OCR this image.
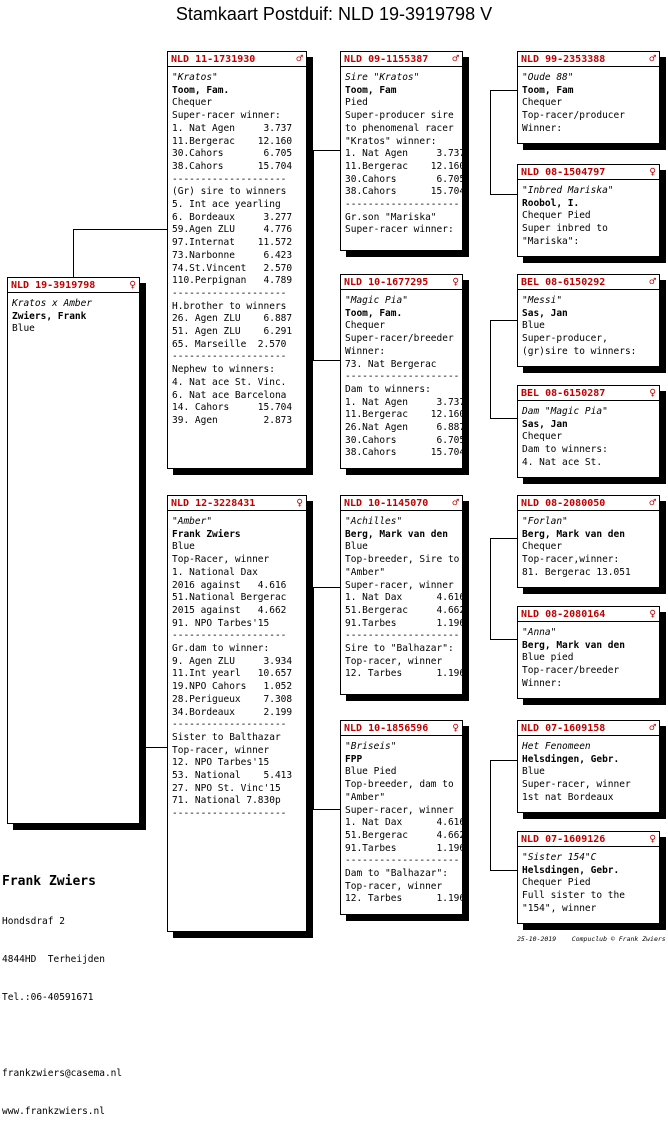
Stamkaart Postduif: NLD 19-3919798 V
NLD 19-3919798	♀
Kratos x Amber
Zwiers, Frank
Blue
NLD 11-1731930	♂
"Kratos"
Toom, Fam.
Chequer
Super-racer winner:
1. Nat Agen     3.737
11.Bergerac    12.160
30.Cahors       6.705
38.Cahors      15.704
--------------------
(Gr) sire to winners
5. Int ace yearling
6. Bordeaux     3.277
59.Agen ZLU     4.776
97.Internat    11.572
73.Narbonne     6.423
74.St.Vincent   2.570
110.Perpignan   4.789
--------------------
H.brother to winners
26. Agen ZLU    6.887
51. Agen ZLU    6.291
65. Marseille  2.570
--------------------
Nephew to winners:
4. Nat ace St. Vinc.
6. Nat ace Barcelona
14. Cahors     15.704
39. Agen        2.873
NLD 12-3228431	♀
"Amber"
Frank Zwiers
Blue
Top-Racer, winner
1. National Dax
2016 against   4.616
51.National Bergerac
2015 against   4.662
91. NPO Tarbes'15
--------------------
Gr.dam to winner:
9. Agen ZLU     3.934
11.Int yearl   10.657
19.NPO Cahors   1.052
28.Perigueux    7.308
34.Bordeaux     2.199
--------------------
Sister to Balthazar
Top-racer, winner
12. NPO Tarbes'15
53. National    5.413
27. NPO St. Vinc'15
71. National 7.830p
--------------------
NLD 09-1155387 ♂
Sire "Kratos"
Toom, Fam
Pied
Super-producer sire
to phenomenal racer
"Kratos" winner:
1. Nat Agen     3.737
11.Bergerac    12.160
30.Cahors       6.705
38.Cahors      15.704
--------------------
Gr.son "Mariska"
Super-racer winner:
NLD 10-1677295 ♀
"Magic Pia"
Toom, Fam.
Chequer
Super-racer/breeder
Winner:
73. Nat Bergerac
--------------------
Dam to winners:
1. Nat Agen     3.737
11.Bergerac    12.160
26.Nat Agen     6.887
30.Cahors       6.705
38.Cahors      15.704
NLD 10-1145070 ♂
"Achilles"
Berg, Mark van den
Blue
Top-breeder, Sire to
"Amber"
Super-racer, winner
1. Nat Dax      4.616
51.Bergerac     4.662
91.Tarbes       1.196
--------------------
Sire to "Balhazar":
Top-racer, winner
12. Tarbes      1.196
NLD 10-1856596 ♀
"Briseis"
FPP
Blue Pied
Top-breeder, dam to
"Amber"
Super-racer, winner
1. Nat Dax      4.616
51.Bergerac     4.662
91.Tarbes       1.196
--------------------
Dam to "Balhazar":
Top-racer, winner
12. Tarbes      1.196
NLD 99-2353388	♂
"Oude 88"
Toom, Fam
Chequer
Top-racer/producer
Winner:
NLD 08-1504797	♀
"Inbred Mariska"
Roobol, I.
Chequer Pied
Super inbred to
"Mariska":
BEL 08-6150292	♂
"Messi"
Sas, Jan
Blue
Super-producer,
(gr)sire to winners:
BEL 08-6150287	♀
Dam "Magic Pia"
Sas, Jan
Chequer
Dam to winners:
4. Nat ace St.
NLD 08-2080050	♂
"Forlan"
Berg, Mark van den
Chequer
Top-racer,winner:
81. Bergerac 13.051
NLD 08-2080164	♀
"Anna"
Berg, Mark van den
Blue pied
Top-racer/breeder
Winner:
NLD 07-1609158	♂
Het Fenomeen
Helsdingen, Gebr.
Blue
Super-racer, winner
1st nat Bordeaux
NLD 07-1609126	♀
"Sister 154"C
Helsdingen, Gebr.
Chequer Pied
Full sister to the
"154", winner

Frank Zwiers

Hondsdraf 2

4844HD  Terheijden

Tel.:06-40591671

frankzwiers@casema.nl

www.frankzwiers.nl

25-10-2019    Compuclub © Frank Zwiers
